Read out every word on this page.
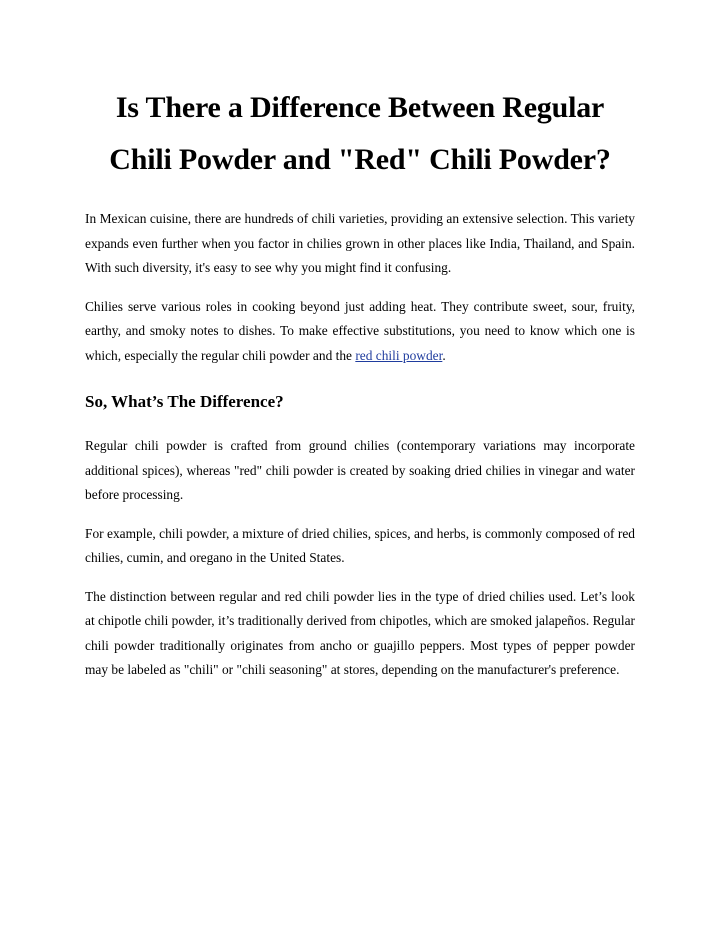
Is There a Difference Between Regular
Chili Powder and "Red" Chili Powder?

In Mexican cuisine, there are hundreds of chili varieties, providing an extensive selection. This variety expands even further when you factor in chilies grown in other places like India, Thailand, and Spain. With such diversity, it's easy to see why you might find it confusing.

Chilies serve various roles in cooking beyond just adding heat. They contribute sweet, sour, fruity, earthy, and smoky notes to dishes. To make effective substitutions, you need to know which one is which, especially the regular chili powder and the red chili powder.

So, What’s The Difference?

Regular chili powder is crafted from ground chilies (contemporary variations may incorporate additional spices), whereas "red" chili powder is created by soaking dried chilies in vinegar and water before processing.

For example, chili powder, a mixture of dried chilies, spices, and herbs, is commonly composed of red chilies, cumin, and oregano in the United States.

The distinction between regular and red chili powder lies in the type of dried chilies used. Let’s look at chipotle chili powder, it’s traditionally derived from chipotles, which are smoked jalapeños. Regular chili powder traditionally originates from ancho or guajillo peppers. Most types of pepper powder may be labeled as "chili" or "chili seasoning" at stores, depending on the manufacturer's preference.
